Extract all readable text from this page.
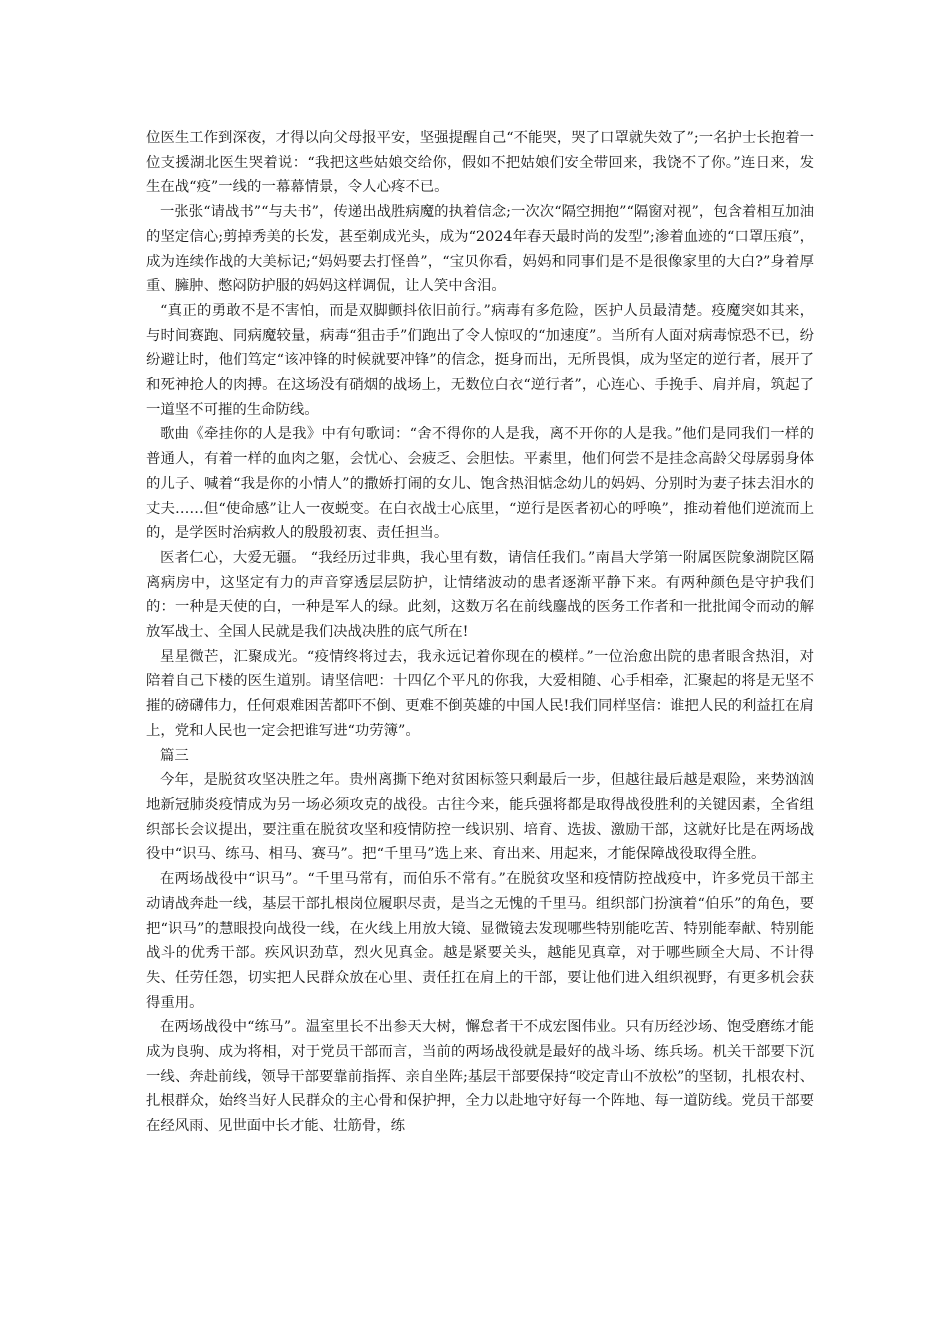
位医生工作到深夜，才得以向父母报平安，坚强提醒自己“不能哭，哭了口罩就失效了”;一名护士长抱着一位支援湖北医生哭着说：“我把这些姑娘交给你，假如不把姑娘们安全带回来，我饶不了你。”连日来，发生在战“疫”一线的一幕幕情景，令人心疼不已。

一张张“请战书”“与夫书”，传递出战胜病魔的执着信念;一次次“隔空拥抱”“隔窗对视”，包含着相互加油的坚定信心;剪掉秀美的长发，甚至剃成光头，成为“2024年春天最时尚的发型”;渗着血迹的“口罩压痕”，成为连续作战的大美标记;“妈妈要去打怪兽”，“宝贝你看，妈妈和同事们是不是很像家里的大白?”身着厚重、臃肿、憋闷防护服的妈妈这样调侃，让人笑中含泪。

“真正的勇敢不是不害怕，而是双脚颤抖依旧前行。”病毒有多危险，医护人员最清楚。疫魔突如其来，与时间赛跑、同病魔较量，病毒“狙击手”们跑出了令人惊叹的“加速度”。当所有人面对病毒惊恐不已，纷纷避让时，他们笃定“该冲锋的时候就要冲锋”的信念，挺身而出，无所畏惧，成为坚定的逆行者，展开了和死神抢人的肉搏。在这场没有硝烟的战场上，无数位白衣“逆行者”，心连心、手挽手、肩并肩，筑起了一道坚不可摧的生命防线。

歌曲《牵挂你的人是我》中有句歌词：“舍不得你的人是我，离不开你的人是我。”他们是同我们一样的普通人，有着一样的血肉之躯，会忧心、会疲乏、会胆怯。平素里，他们何尝不是挂念高龄父母孱弱身体的儿子、喊着“我是你的小情人”的撒娇打闹的女儿、饱含热泪惦念幼儿的妈妈、分别时为妻子抹去泪水的丈夫……但“使命感”让人一夜蜕变。在白衣战士心底里，“逆行是医者初心的呼唤”，推动着他们逆流而上的，是学医时治病救人的殷殷初衷、责任担当。

医者仁心，大爱无疆。 “我经历过非典，我心里有数，请信任我们。”南昌大学第一附属医院象湖院区隔离病房中，这坚定有力的声音穿透层层防护，让情绪波动的患者逐渐平静下来。有两种颜色是守护我们的：一种是天使的白，一种是军人的绿。此刻，这数万名在前线鏖战的医务工作者和一批批闻令而动的解放军战士、全国人民就是我们决战决胜的底气所在!

星星微芒，汇聚成光。“疫情终将过去，我永远记着你现在的模样。”一位治愈出院的患者眼含热泪，对陪着自己下楼的医生道别。请坚信吧：十四亿个平凡的你我，大爱相随、心手相牵，汇聚起的将是无坚不摧的磅礴伟力，任何艰难困苦都吓不倒、更难不倒英雄的中国人民!我们同样坚信：谁把人民的利益扛在肩上，党和人民也一定会把谁写进“功劳簿”。

篇三

今年，是脱贫攻坚决胜之年。贵州离撕下绝对贫困标签只剩最后一步，但越往最后越是艰险，来势汹汹地新冠肺炎疫情成为另一场必须攻克的战役。古往今来，能兵强将都是取得战役胜利的关键因素，全省组织部长会议提出，要注重在脱贫攻坚和疫情防控一线识别、培育、选拔、激励干部，这就好比是在两场战役中“识马、练马、相马、赛马”。把“千里马”选上来、育出来、用起来，才能保障战役取得全胜。

在两场战役中“识马”。“千里马常有，而伯乐不常有。”在脱贫攻坚和疫情防控战疫中，许多党员干部主动请战奔赴一线，基层干部扎根岗位履职尽责，是当之无愧的千里马。组织部门扮演着“伯乐”的角色，要把“识马”的慧眼投向战役一线，在火线上用放大镜、显微镜去发现哪些特别能吃苦、特别能奉献、特别能战斗的优秀干部。疾风识劲草，烈火见真金。越是紧要关头，越能见真章，对于哪些顾全大局、不计得失、任劳任怨，切实把人民群众放在心里、责任扛在肩上的干部，要让他们进入组织视野，有更多机会获得重用。

在两场战役中“练马”。温室里长不出参天大树，懈怠者干不成宏图伟业。只有历经沙场、饱受磨练才能成为良驹、成为将相，对于党员干部而言，当前的两场战役就是最好的战斗场、练兵场。机关干部要下沉一线、奔赴前线，领导干部要靠前指挥、亲自坐阵;基层干部要保持“咬定青山不放松”的坚韧，扎根农村、扎根群众，始终当好人民群众的主心骨和保护押，全力以赴地守好每一个阵地、每一道防线。党员干部要在经风雨、见世面中长才能、壮筋骨，练
